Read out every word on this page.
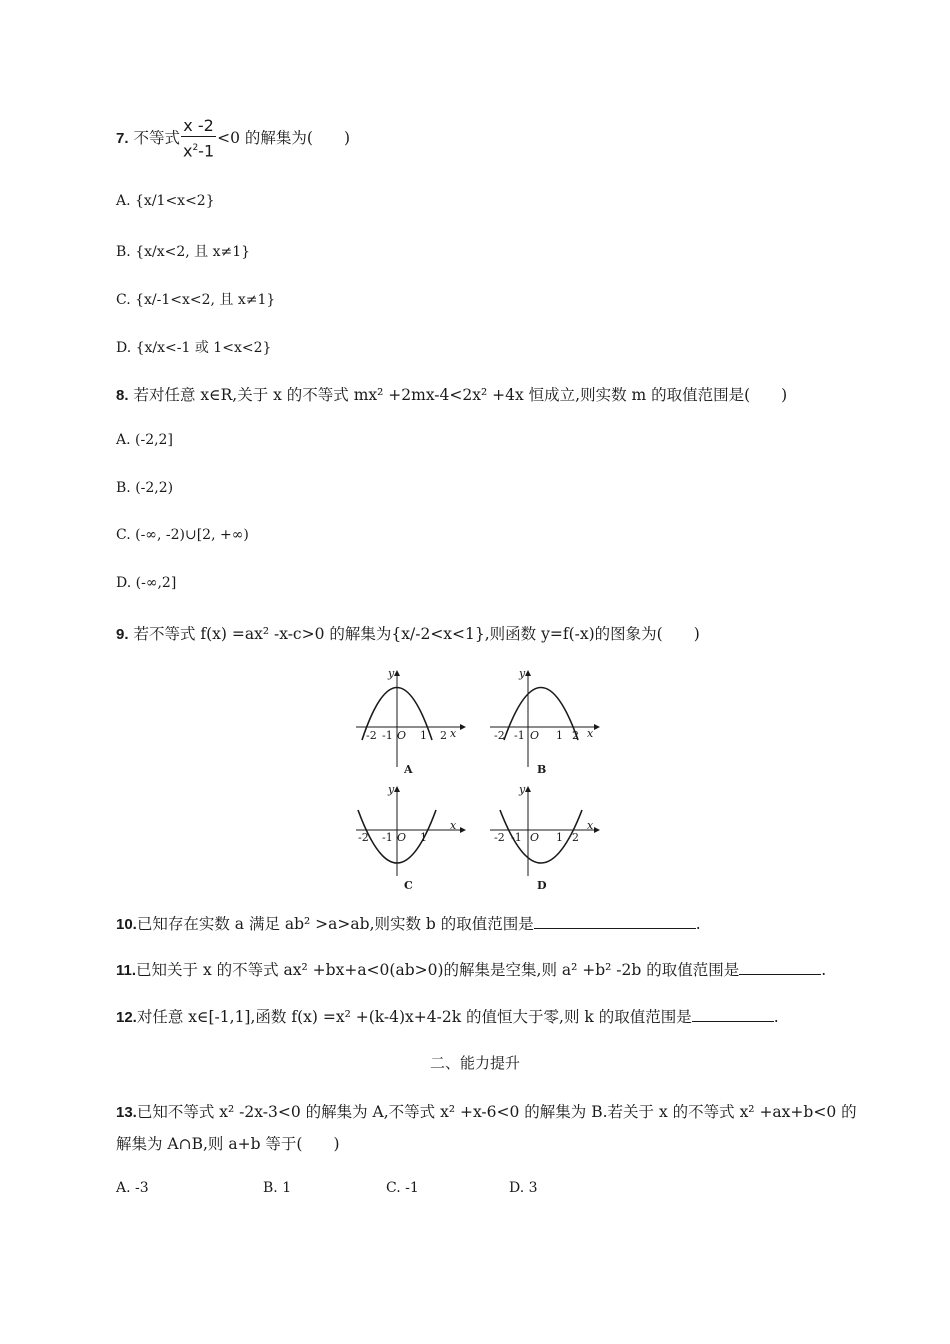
7. 不等式 $\frac{x -2}{x^2-1} <0$ 的解集为(　　)
A. {x/1<x<2}
B. {x/x<2, 且 x≠1}
C. {x/-1<x<2, 且 x≠1}
D. {x/x<-1 或 1<x<2}
8. 若对任意 x∈R,关于 x 的不等式 mx² +2mx-4<2x² +4x 恒成立,则实数 m 的取值范围是(　　)
A. (-2,2]
B. (-2,2)
C. (-∞, -2)∪[2, +∞)
D. (-∞,2]
9. 若不等式 f(x) =ax² -x-c>0 的解集为{x/-2<x<1},则函数 y=f(-x)的图象为(　　)
y
x
-2 -1 O 1 2
A
y
x
-2 -1 O 1 2
B
y
x
-2 -1 O 1
C
y
x
-2 -1 O 1 2
D
10.已知存在实数 a 满足 ab² >a>ab,则实数 b 的取值范围是	.
11.已知关于 x 的不等式 ax² +bx+a<0(ab>0)的解集是空集,则 a² +b² -2b 的取值范围是	.
12.对任意 x∈[-1,1],函数 f(x) =x² +(k-4)x+4-2k 的值恒大于零,则 k 的取值范围是	.
二、能力提升
13.已知不等式 x² -2x-3<0 的解集为 A,不等式 x² +x-6<0 的解集为 B.若关于 x 的不等式 x² +ax+b<0 的
解集为 A∩B,则 a+b 等于(　　)
A. -3	B. 1	C. -1	D. 3
